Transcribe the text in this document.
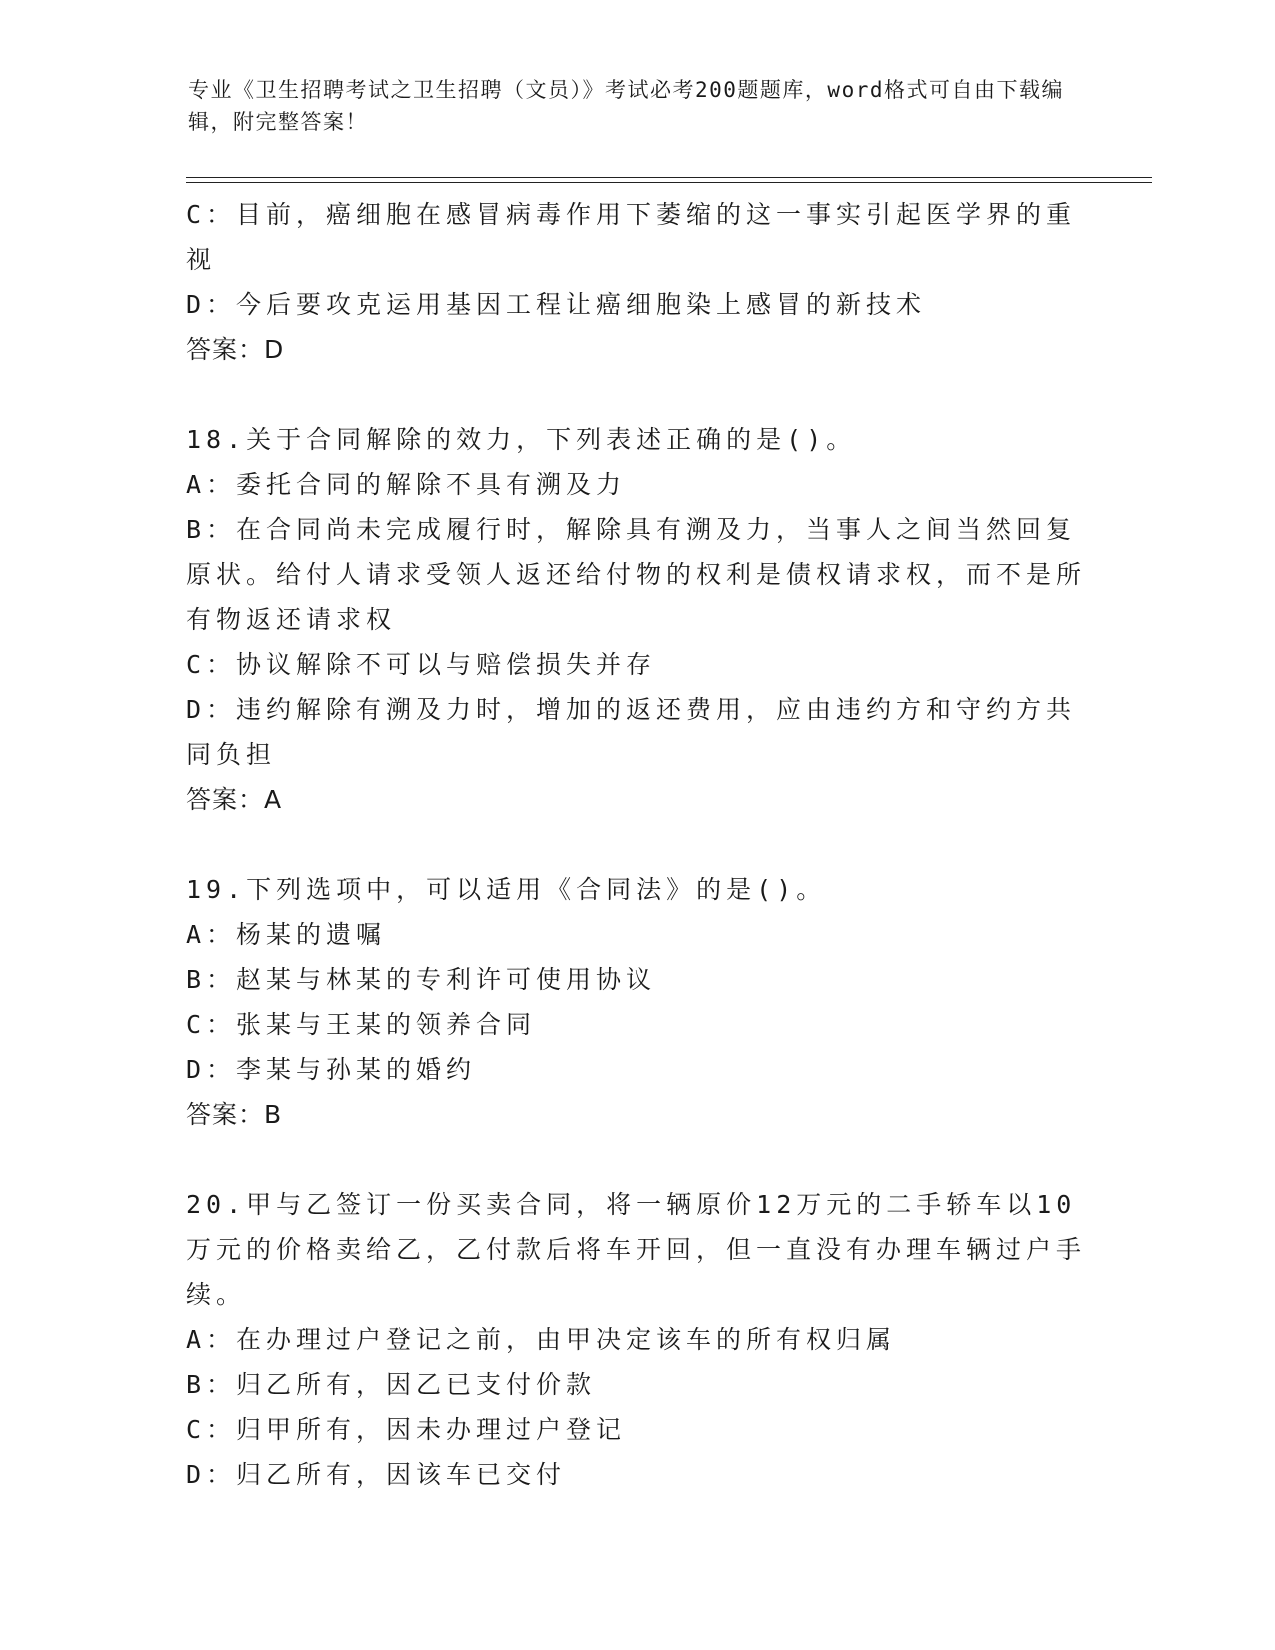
专业《卫生招聘考试之卫生招聘（文员）》考试必考200题题库，word格式可自由下载编辑，附完整答案！

C：目前，癌细胞在感冒病毒作用下萎缩的这一事实引起医学界的重视

D：今后要攻克运用基因工程让癌细胞染上感冒的新技术

答案：D

18.关于合同解除的效力，下列表述正确的是()。

A：委托合同的解除不具有溯及力

B：在合同尚未完成履行时，解除具有溯及力，当事人之间当然回复原状。给付人请求受领人返还给付物的权利是债权请求权，而不是所有物返还请求权

C：协议解除不可以与赔偿损失并存

D：违约解除有溯及力时，增加的返还费用，应由违约方和守约方共同负担

答案：A

19.下列选项中，可以适用《合同法》的是()。

A：杨某的遗嘱

B：赵某与林某的专利许可使用协议

C：张某与王某的领养合同

D：李某与孙某的婚约

答案：B

20.甲与乙签订一份买卖合同，将一辆原价12万元的二手轿车以10万元的价格卖给乙，乙付款后将车开回，但一直没有办理车辆过户手续。

A：在办理过户登记之前，由甲决定该车的所有权归属

B：归乙所有，因乙已支付价款

C：归甲所有，因未办理过户登记

D：归乙所有，因该车已交付
